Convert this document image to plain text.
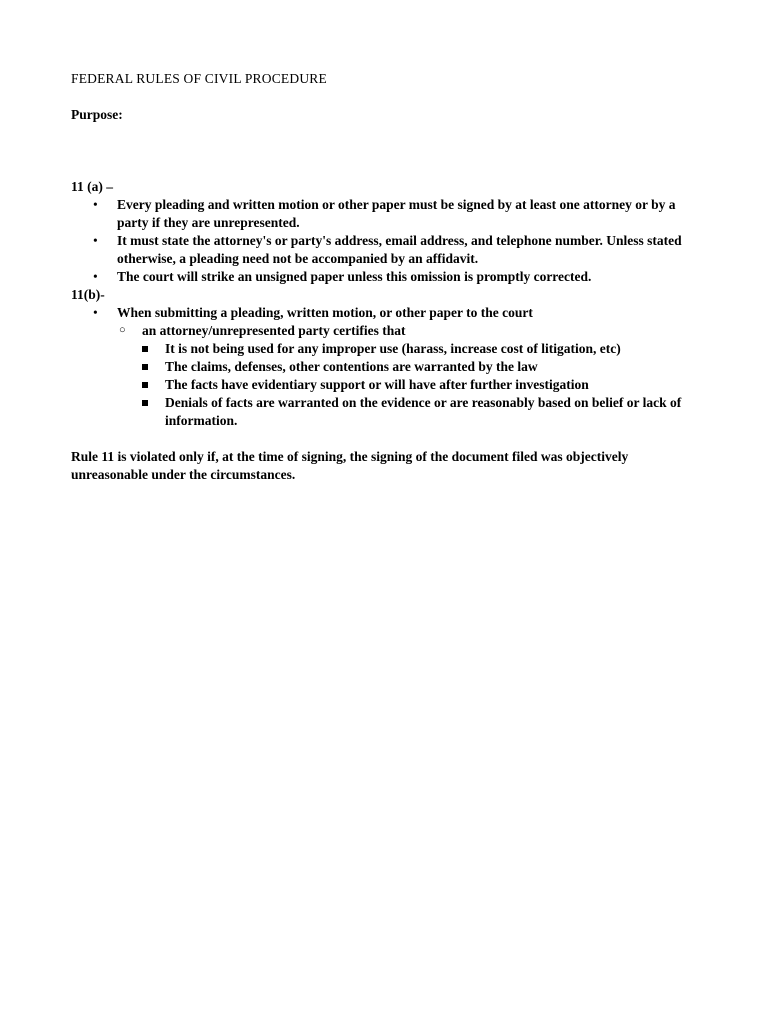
FEDERAL RULES OF CIVIL PROCEDURE

Purpose:

11 (a) –

• Every pleading and written motion or other paper must be signed by at least one attorney or by a party if they are unrepresented.
• It must state the attorney's or party's address, email address, and telephone number. Unless stated otherwise, a pleading need not be accompanied by an affidavit.
• The court will strike an unsigned paper unless this omission is promptly corrected.

11(b)-

• When submitting a pleading, written motion, or other paper to the court
○ an attorney/unrepresented party certifies that
It is not being used for any improper use (harass, increase cost of litigation, etc)
The claims, defenses, other contentions are warranted by the law
The facts have evidentiary support or will have after further investigation
Denials of facts are warranted on the evidence or are reasonably based on belief or lack of information.

Rule 11 is violated only if, at the time of signing, the signing of the document filed was objectively unreasonable under the circumstances.
